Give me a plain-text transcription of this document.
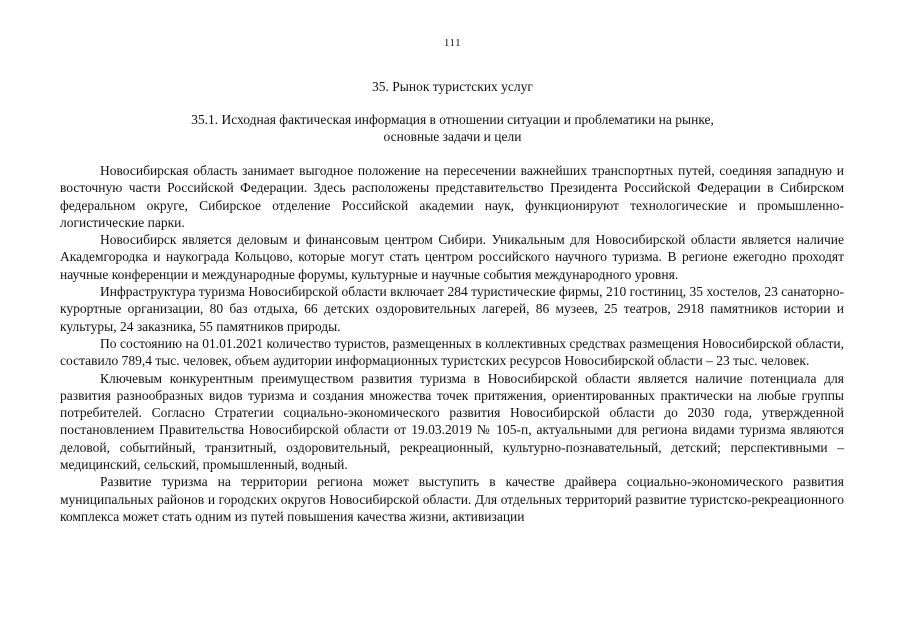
111
35. Рынок туристских услуг
35.1. Исходная фактическая информация в отношении ситуации и проблематики на рынке,
основные задачи и цели

Новосибирская область занимает выгодное положение на пересечении важнейших транспортных путей, соединяя западную и восточную части Российской Федерации. Здесь расположены представительство Президента Российской Федерации в Сибирском федеральном округе, Сибирское отделение Российской академии наук, функционируют технологические и промышленно-логистические парки.

Новосибирск является деловым и финансовым центром Сибири. Уникальным для Новосибирской области является наличие Академгородка и наукограда Кольцово, которые могут стать центром российского научного туризма. В регионе ежегодно проходят научные конференции и международные форумы, культурные и научные события международного уровня.

Инфраструктура туризма Новосибирской области включает 284 туристические фирмы, 210 гостиниц, 35 хостелов, 23 санаторно-курортные организации, 80 баз отдыха, 66 детских оздоровительных лагерей, 86 музеев, 25 театров, 2918 памятников истории и культуры, 24 заказника, 55 памятников природы.

По состоянию на 01.01.2021 количество туристов, размещенных в коллективных средствах размещения Новосибирской области, составило 789,4 тыс. человек, объем аудитории информационных туристских ресурсов Новосибирской области – 23 тыс. человек.

Ключевым конкурентным преимуществом развития туризма в Новосибирской области является наличие потенциала для развития разнообразных видов туризма и создания множества точек притяжения, ориентированных практически на любые группы потребителей. Согласно Стратегии социально-экономического развития Новосибирской области до 2030 года, утвержденной постановлением Правительства Новосибирской области от 19.03.2019 № 105-п, актуальными для региона видами туризма являются деловой, событийный, транзитный, оздоровительный, рекреационный, культурно-познавательный, детский; перспективными – медицинский, сельский, промышленный, водный.

Развитие туризма на территории региона может выступить в качестве драйвера социально-экономического развития муниципальных районов и городских округов Новосибирской области. Для отдельных территорий развитие туристско-рекреационного комплекса может стать одним из путей повышения качества жизни, активизации
